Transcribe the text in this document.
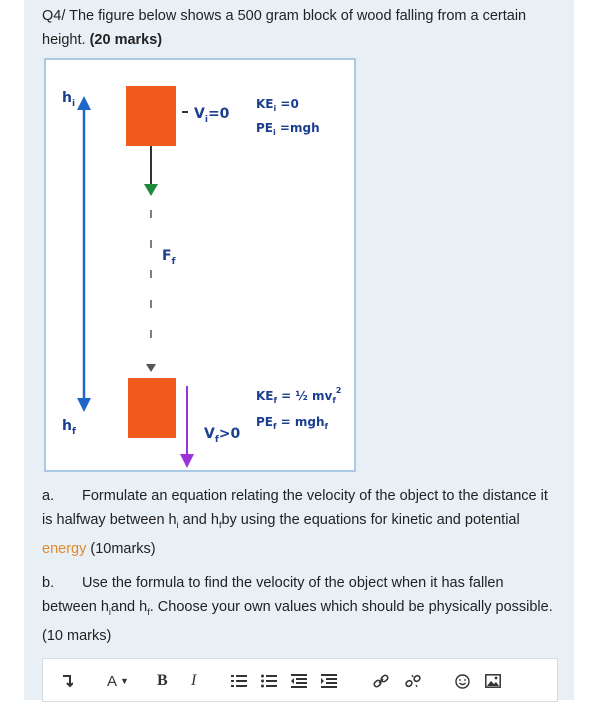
Q4/ The figure below shows a 500 gram block of wood falling from a certain height. (20 marks)
$h_i$
$h_f$
$F_f$
$V_i=0$
$KE_i =0$
$PE_i =mgh$
$V_f>0$
$KE_f$ = ½ $mv_f^2$
$PE_f = mgh_f$
a. Formulate an equation relating the velocity of the object to the distance it is halfway between $h_i$ and $h_fby$ using the equations for kinetic and potential energy (10marks)
b. Use the formula to find the velocity of the object when it has fallen between $h_iand$ $h_f$. Choose your own values which should be physically possible.(10 marks)
A ▼ B I
